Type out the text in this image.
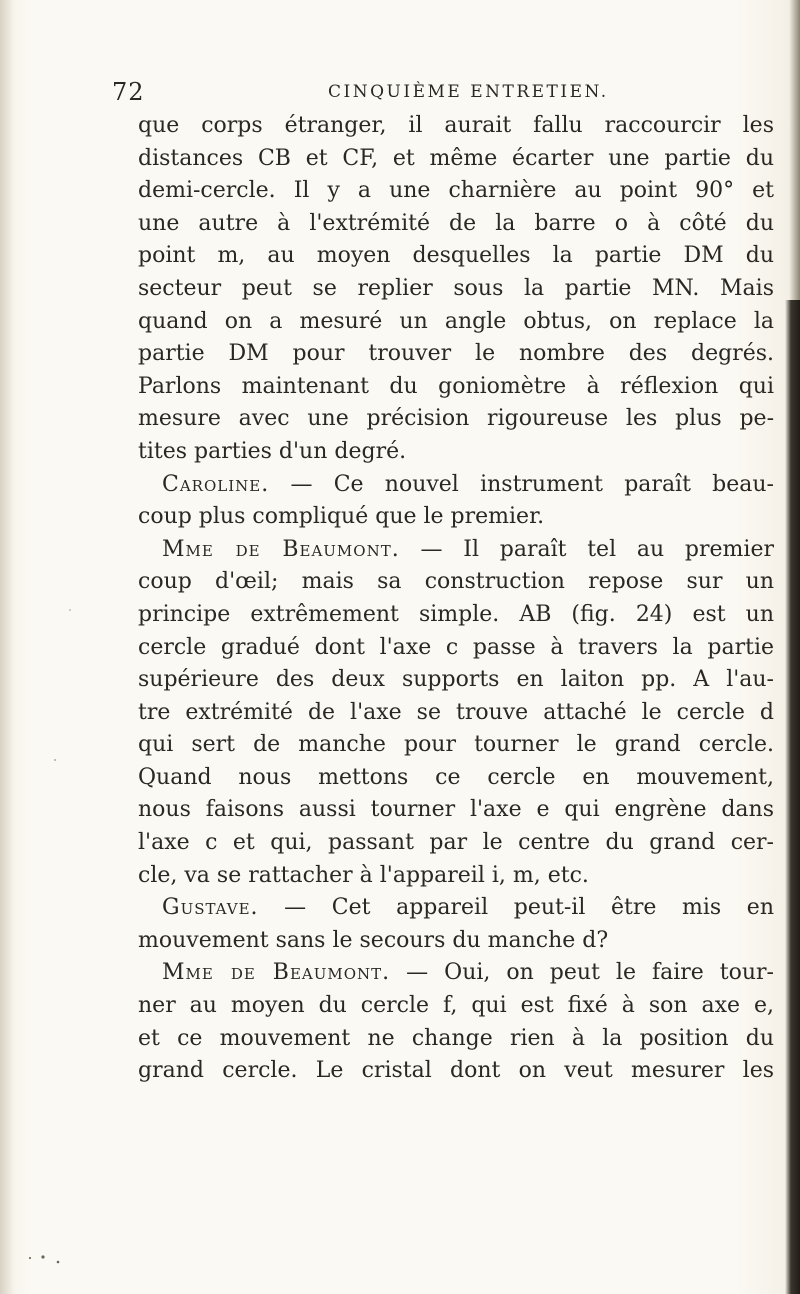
72	CINQUIÈME ENTRETIEN.
que corps étranger, il aurait fallu raccourcir les
distances CB et CF, et même écarter une partie du
demi-cercle. Il y a une charnière au point 90° et
une autre à l'extrémité de la barre o à côté du
point m, au moyen desquelles la partie DM du
secteur peut se replier sous la partie MN. Mais
quand on a mesuré un angle obtus, on replace la
partie DM pour trouver le nombre des degrés.
Parlons maintenant du goniomètre à réflexion qui
mesure avec une précision rigoureuse les plus pe-
tites parties d'un degré.
Caroline. — Ce nouvel instrument paraît beau-
coup plus compliqué que le premier.
Mme de Beaumont. — Il paraît tel au premier
coup d'œil; mais sa construction repose sur un
principe extrêmement simple. AB (fig. 24) est un
cercle gradué dont l'axe c passe à travers la partie
supérieure des deux supports en laiton pp. A l'au-
tre extrémité de l'axe se trouve attaché le cercle d
qui sert de manche pour tourner le grand cercle.
Quand nous mettons ce cercle en mouvement,
nous faisons aussi tourner l'axe e qui engrène dans
l'axe c et qui, passant par le centre du grand cer-
cle, va se rattacher à l'appareil i, m, etc.
Gustave. — Cet appareil peut-il être mis en
mouvement sans le secours du manche d?
Mme de Beaumont. — Oui, on peut le faire tour-
ner au moyen du cercle f, qui est fixé à son axe e,
et ce mouvement ne change rien à la position du
grand cercle. Le cristal dont on veut mesurer les
